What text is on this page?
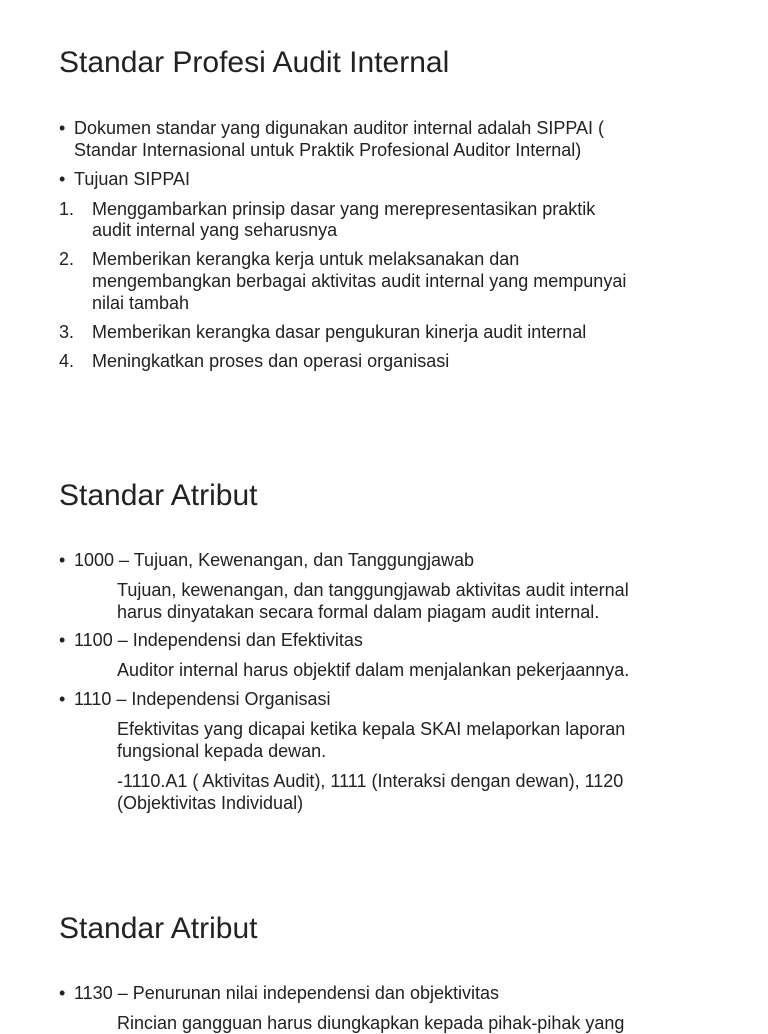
Standar Profesi Audit Internal
• Dokumen standar yang digunakan auditor internal adalah SIPPAI (
Standar Internasional untuk Praktik Profesional Auditor Internal)
• Tujuan SIPPAI
1. Menggambarkan prinsip dasar yang merepresentasikan praktik
audit internal yang seharusnya
2. Memberikan kerangka kerja untuk melaksanakan dan
mengembangkan berbagai aktivitas audit internal yang mempunyai
nilai tambah
3. Memberikan kerangka dasar pengukuran kinerja audit internal
4. Meningkatkan proses dan operasi organisasi
Standar Atribut
• 1000 – Tujuan, Kewenangan, dan Tanggungjawab
Tujuan, kewenangan, dan tanggungjawab aktivitas audit internal
harus dinyatakan secara formal dalam piagam audit internal.
• 1100 – Independensi dan Efektivitas
Auditor internal harus objektif dalam menjalankan pekerjaannya.
• 1110 – Independensi Organisasi
Efektivitas yang dicapai ketika kepala SKAI melaporkan laporan
fungsional kepada dewan.
-1110.A1 ( Aktivitas Audit), 1111 (Interaksi dengan dewan), 1120
(Objektivitas Individual)
Standar Atribut
• 1130 – Penurunan nilai independensi dan objektivitas
Rincian gangguan harus diungkapkan kepada pihak-pihak yang
